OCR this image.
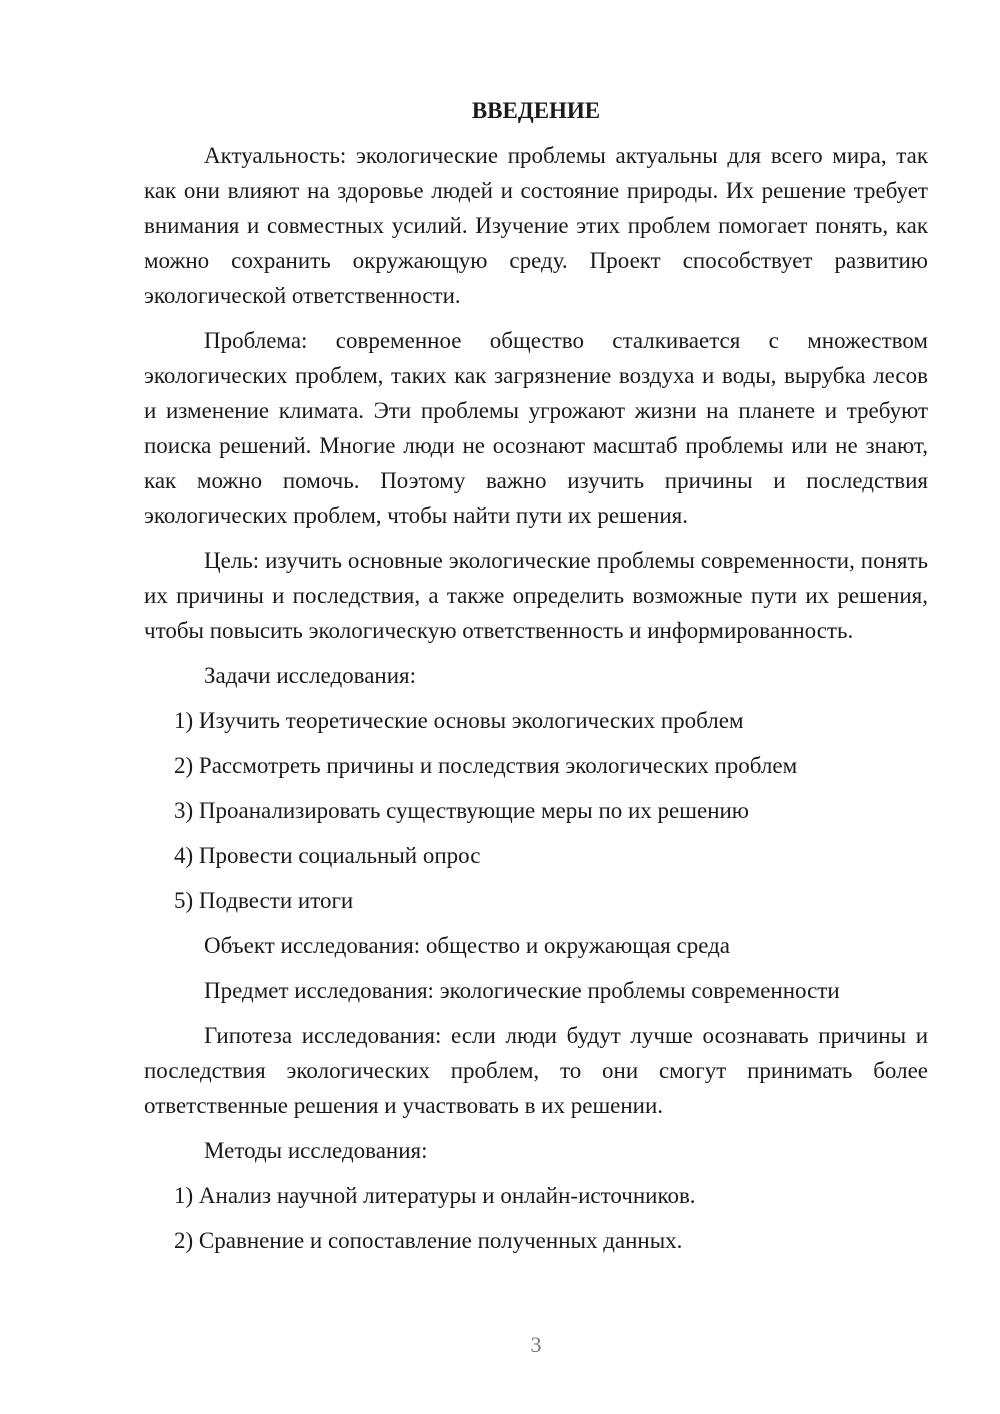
ВВЕДЕНИЕ

Актуальность: экологические проблемы актуальны для всего мира, так как они влияют на здоровье людей и состояние природы. Их решение требует внимания и совместных усилий. Изучение этих проблем помогает понять, как можно сохранить окружающую среду. Проект способствует развитию экологической ответственности.

Проблема: современное общество сталкивается с множеством экологических проблем, таких как загрязнение воздуха и воды, вырубка лесов и изменение климата. Эти проблемы угрожают жизни на планете и требуют поиска решений. Многие люди не осознают масштаб проблемы или не знают, как можно помочь. Поэтому важно изучить причины и последствия экологических проблем, чтобы найти пути их решения.

Цель: изучить основные экологические проблемы современности, понять их причины и последствия, а также определить возможные пути их решения, чтобы повысить экологическую ответственность и информированность.

Задачи исследования:

1) Изучить теоретические основы экологических проблем

2) Рассмотреть причины и последствия экологических проблем

3) Проанализировать существующие меры по их решению

4) Провести социальный опрос

5) Подвести итоги

Объект исследования: общество и окружающая среда

Предмет исследования: экологические проблемы современности

Гипотеза исследования: если люди будут лучше осознавать причины и последствия экологических проблем, то они смогут принимать более ответственные решения и участвовать в их решении.

Методы исследования:

1) Анализ научной литературы и онлайн-источников.

2) Сравнение и сопоставление полученных данных.

3
